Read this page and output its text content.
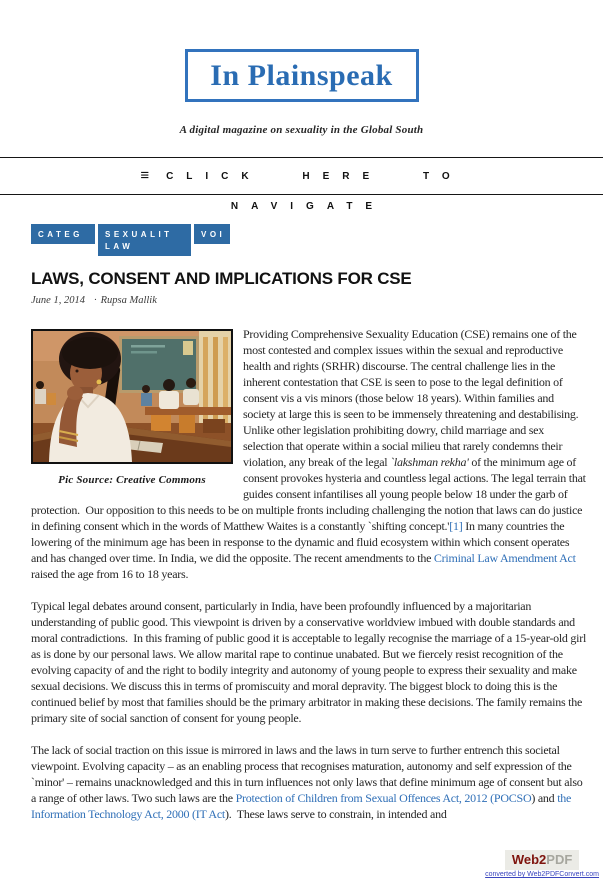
In Plainspeak
A digital magazine on sexuality in the Global South
≡	CLICK HERE TO
NAVIGATE
CATEG	SEXUALIT
LAW
VOI
LAWS, CONSENT AND IMPLICATIONS FOR CSE
June 1, 2014 · Rupsa Mallik
Pic Source: Creative Commons

Providing Comprehensive Sexuality Education (CSE) remains one of the most contested and complex issues within the sexual and reproductive health and rights (SRHR) discourse. The central challenge lies in the inherent contestation that CSE is seen to pose to the legal definition of consent vis a vis minors (those below 18 years). Within families and society at large this is seen to be immensely threatening and destabilising. Unlike other legislation prohibiting dowry, child marriage and sex selection that operate within a social milieu that rarely condemns their violation, any break of the legal `lakshman rekha' of the minimum age of consent provokes hysteria and countless legal actions. The legal terrain that guides consent infantilises all young people below 18 under the garb of protection.  Our opposition to this needs to be on multiple fronts including challenging the notion that laws can do justice in defining consent which in the words of Matthew Waites is a constantly `shifting concept.'[1] In many countries the lowering of the minimum age has been in response to the dynamic and fluid ecosystem within which consent operates and has changed over time. In India, we did the opposite. The recent amendments to the Criminal Law Amendment Act raised the age from 16 to 18 years.

Typical legal debates around consent, particularly in India, have been profoundly influenced by a majoritarian understanding of public good. This viewpoint is driven by a conservative worldview imbued with double standards and moral contradictions.  In this framing of public good it is acceptable to legally recognise the marriage of a 15-year-old girl as is done by our personal laws. We allow marital rape to continue unabated. But we fiercely resist recognition of the evolving capacity of and the right to bodily integrity and autonomy of young people to express their sexuality and make sexual decisions. We discuss this in terms of promiscuity and moral depravity. The biggest block to doing this is the continued belief by most that families should be the primary arbitrator in making these decisions. The family remains the primary site of social sanction of consent for young people.

The lack of social traction on this issue is mirrored in laws and the laws in turn serve to further entrench this societal viewpoint. Evolving capacity – as an enabling process that recognises maturation, autonomy and self expression of the `minor' – remains unacknowledged and this in turn influences not only laws that define minimum age of consent but also a range of other laws. Two such laws are the Protection of Children from Sexual Offences Act, 2012 (POCSO) and the Information Technology Act, 2000 (IT Act).  These laws serve to constrain, in intended and

Web2PDF
converted by Web2PDFConvert.com
